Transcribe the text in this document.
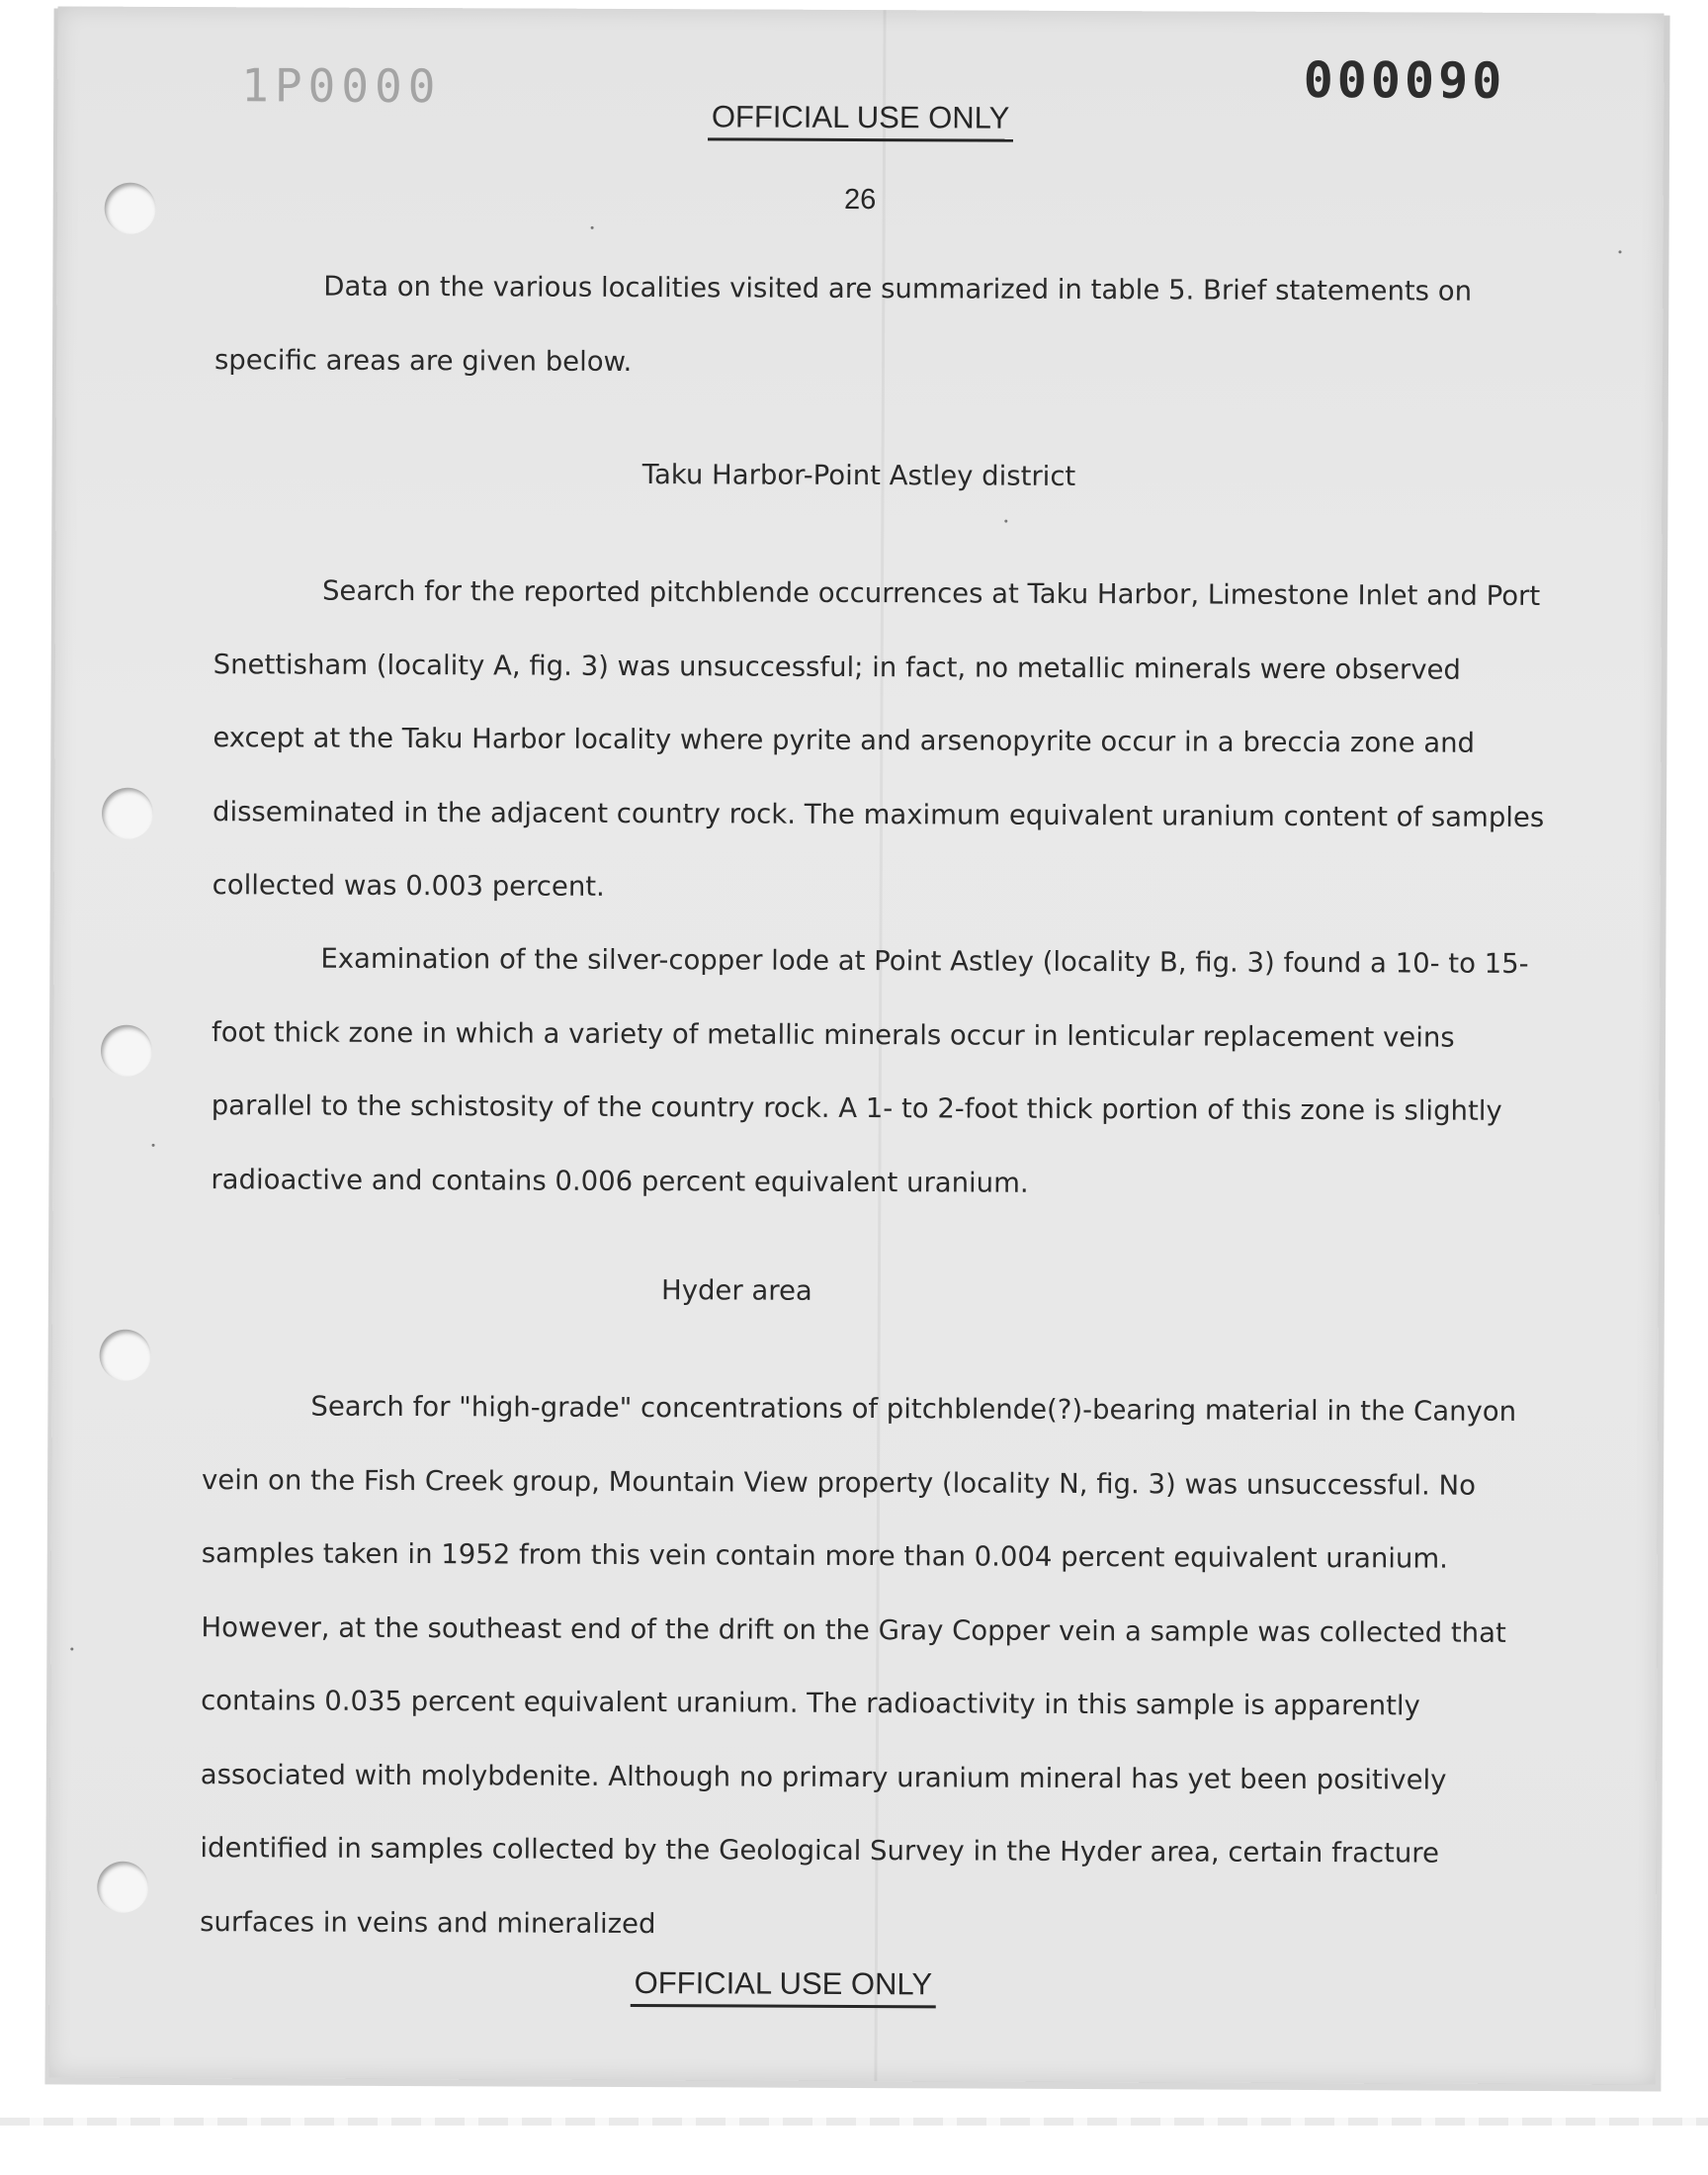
1P0000	000090
OFFICIAL USE ONLY
26

Data on the various localities visited are summarized in table 5. Brief statements on specific areas are given below.

Taku Harbor-Point Astley district

Search for the reported pitchblende occurrences at Taku Harbor, Limestone Inlet and Port Snettisham (locality A, fig. 3) was unsuccessful; in fact, no metallic minerals were observed except at the Taku Harbor locality where pyrite and arsenopyrite occur in a breccia zone and disseminated in the adjacent country rock. The maximum equivalent uranium content of samples collected was 0.003 percent.

Examination of the silver-copper lode at Point Astley (locality B, fig. 3) found a 10- to 15-foot thick zone in which a variety of metallic minerals occur in lenticular replacement veins parallel to the schistosity of the country rock. A 1- to 2-foot thick portion of this zone is slightly radioactive and contains 0.006 percent equivalent uranium.

Hyder area

Search for "high-grade" concentrations of pitchblende(?)-bearing material in the Canyon vein on the Fish Creek group, Mountain View property (locality N, fig. 3) was unsuccessful. No samples taken in 1952 from this vein contain more than 0.004 percent equivalent uranium. However, at the southeast end of the drift on the Gray Copper vein a sample was collected that contains 0.035 percent equivalent uranium. The radioactivity in this sample is apparently associated with molybdenite. Although no primary uranium mineral has yet been positively identified in samples collected by the Geological Survey in the Hyder area, certain fracture surfaces in veins and mineralized

OFFICIAL USE ONLY
